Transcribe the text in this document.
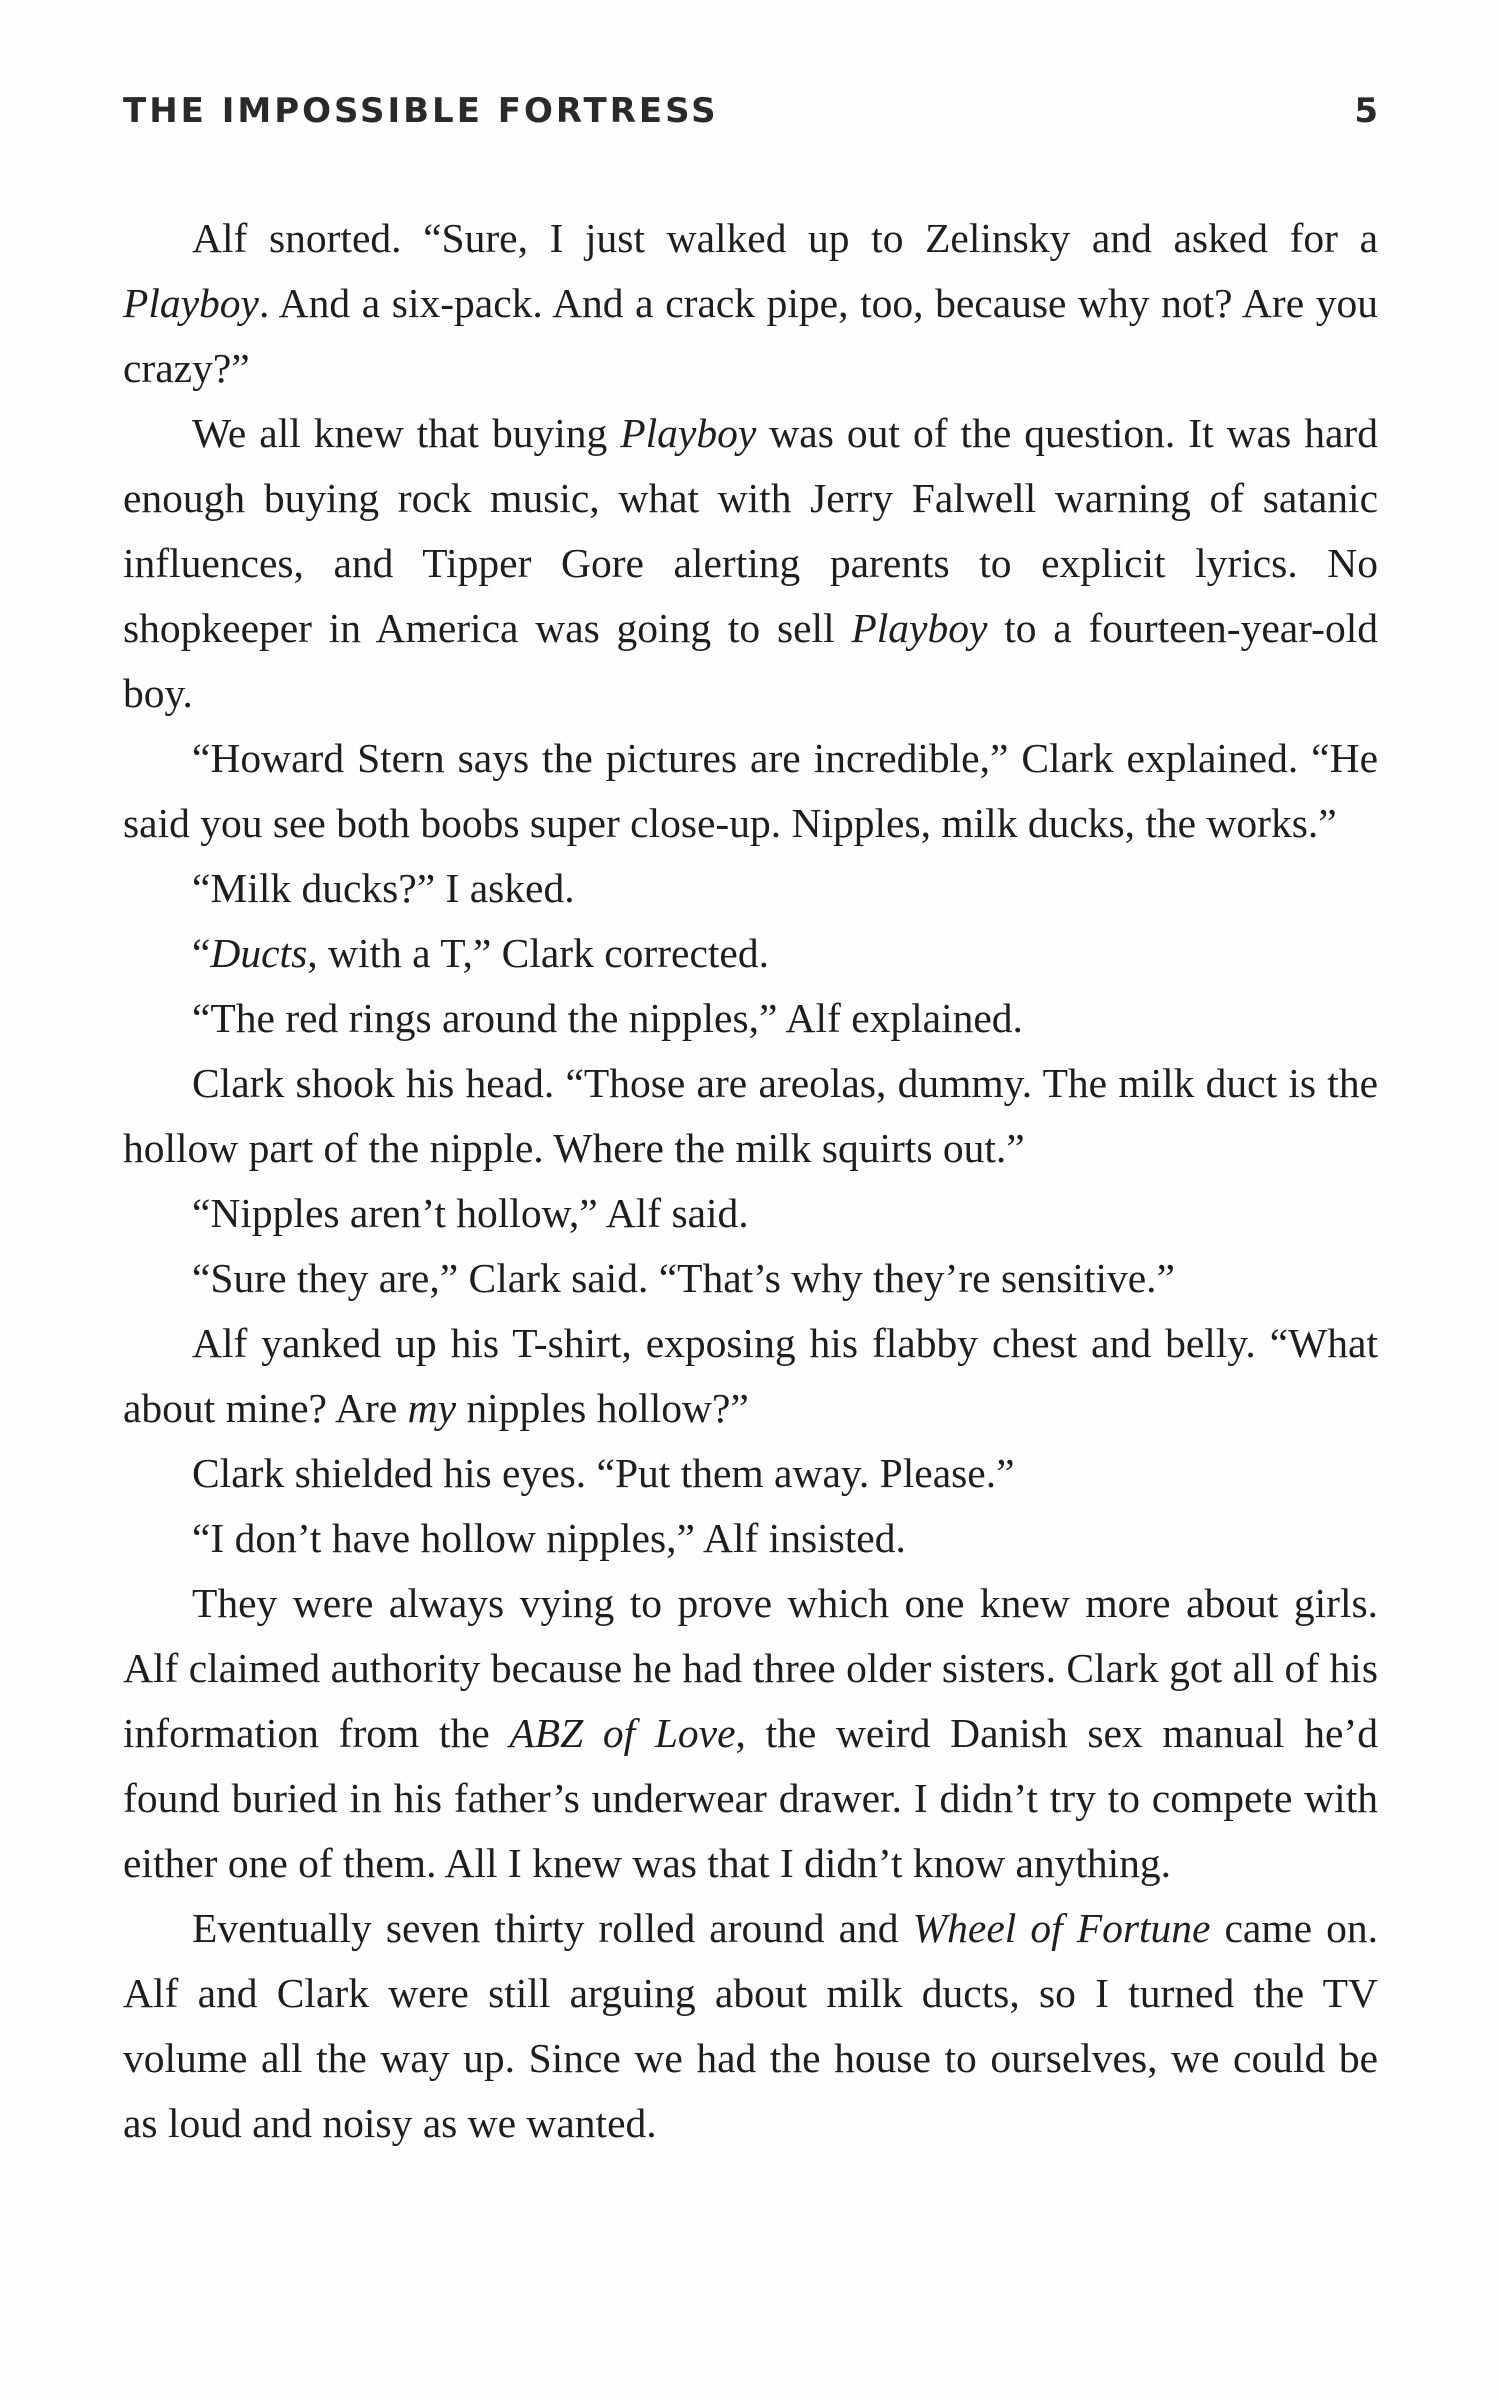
THE IMPOSSIBLE FORTRESS	5

Alf snorted. “Sure, I just walked up to Zelinsky and asked for a Playboy. And a six-pack. And a crack pipe, too, because why not? Are you crazy?”

We all knew that buying Playboy was out of the question. It was hard enough buying rock music, what with Jerry Falwell warning of satanic influences, and Tipper Gore alerting parents to explicit lyrics. No shopkeeper in America was going to sell Playboy to a fourteen-year-old boy.

“Howard Stern says the pictures are incredible,” Clark explained. “He said you see both boobs super close-up. Nipples, milk ducks, the works.”

“Milk ducks?” I asked.

“Ducts, with a T,” Clark corrected.

“The red rings around the nipples,” Alf explained.

Clark shook his head. “Those are areolas, dummy. The milk duct is the hollow part of the nipple. Where the milk squirts out.”

“Nipples aren’t hollow,” Alf said.

“Sure they are,” Clark said. “That’s why they’re sensitive.”

Alf yanked up his T-shirt, exposing his flabby chest and belly. “What about mine? Are my nipples hollow?”

Clark shielded his eyes. “Put them away. Please.”

“I don’t have hollow nipples,” Alf insisted.

They were always vying to prove which one knew more about girls. Alf claimed authority because he had three older sisters. Clark got all of his information from the ABZ of Love, the weird Danish sex manual he’d found buried in his father’s underwear drawer. I didn’t try to compete with either one of them. All I knew was that I didn’t know anything.

Eventually seven thirty rolled around and Wheel of Fortune came on. Alf and Clark were still arguing about milk ducts, so I turned the TV volume all the way up. Since we had the house to ourselves, we could be as loud and noisy as we wanted.
